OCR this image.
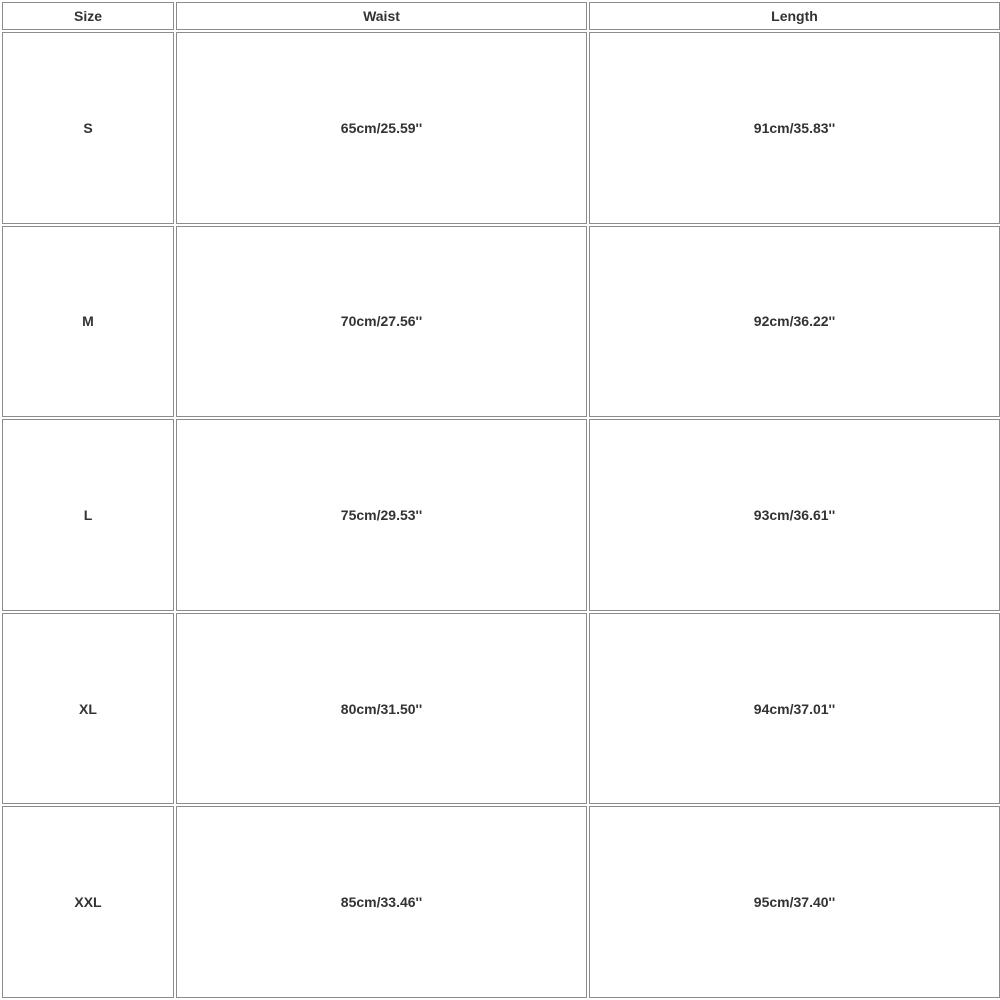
Size	Waist	Length
S	65cm/25.59''	91cm/35.83''
M	70cm/27.56''	92cm/36.22''
L	75cm/29.53''	93cm/36.61''
XL	80cm/31.50''	94cm/37.01''
XXL	85cm/33.46''	95cm/37.40''
